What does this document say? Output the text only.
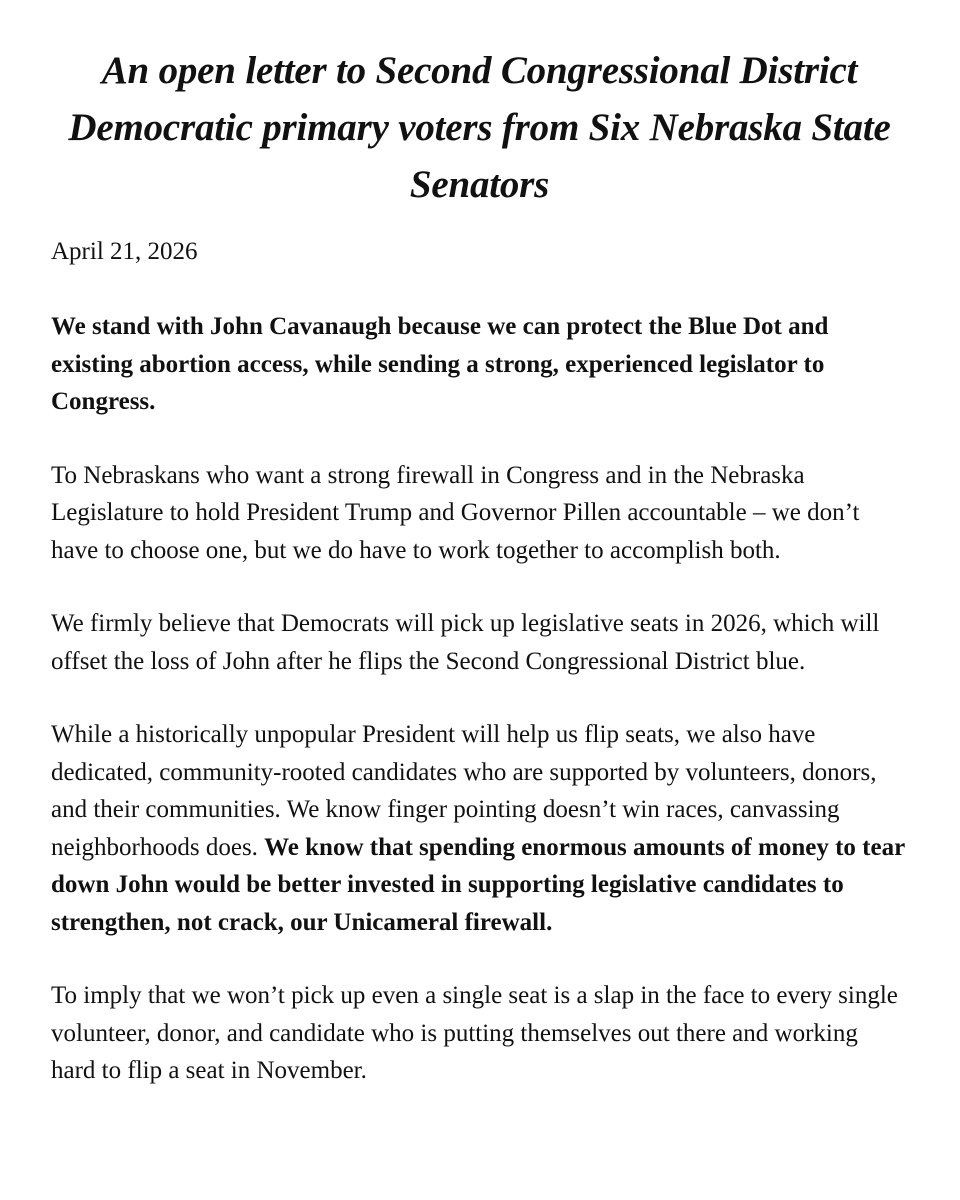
An open letter to Second Congressional District Democratic primary voters from Six Nebraska State Senators

April 21, 2026

We stand with John Cavanaugh because we can protect the Blue Dot and existing abortion access, while sending a strong, experienced legislator to Congress.

To Nebraskans who want a strong firewall in Congress and in the Nebraska Legislature to hold President Trump and Governor Pillen accountable – we don’t have to choose one, but we do have to work together to accomplish both.

We firmly believe that Democrats will pick up legislative seats in 2026, which will offset the loss of John after he flips the Second Congressional District blue.

While a historically unpopular President will help us flip seats, we also have dedicated, community-rooted candidates who are supported by volunteers, donors, and their communities. We know finger pointing doesn’t win races, canvassing neighborhoods does. We know that spending enormous amounts of money to tear down John would be better invested in supporting legislative candidates to strengthen, not crack, our Unicameral firewall.

To imply that we won’t pick up even a single seat is a slap in the face to every single volunteer, donor, and candidate who is putting themselves out there and working hard to flip a seat in November.
